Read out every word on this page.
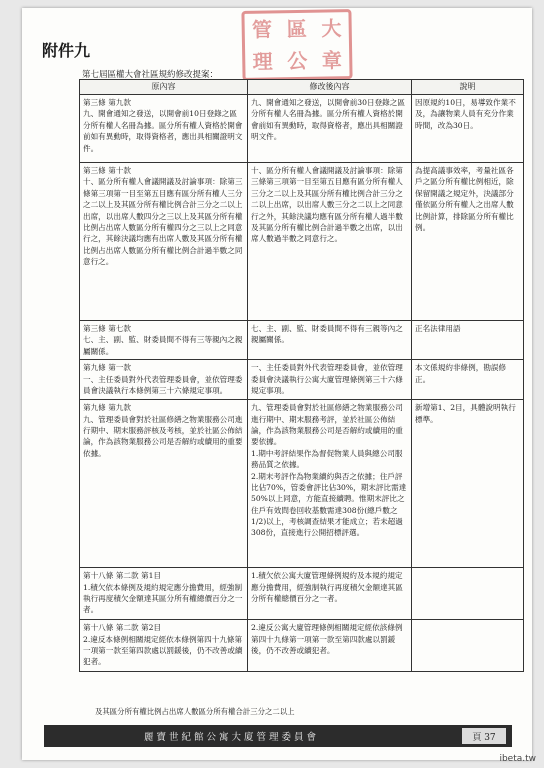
管 區 大
理 公 章
附件九
第七屆區權大會社區規約修改提案：
原內容	修改後內容	說明
第三條 第九款
九、開會通知之發送，以開會前10日登錄之區分所有權人名冊為據。區分所有權人資格於開會前如有異動時，取得資格者，應出具相關證明文件。	九、開會通知之發送，以開會前30日登錄之區分所有權人名冊為據。區分所有權人資格於開會前如有異動時，取得資格者，應出具相關證明文件。	因原規約10日，易導致作業不及，為讓物業人員有充分作業時間，改為30日。
第三條 第十款
十、區分所有權人會議開議及討論事項：除第三條第三項第一目至第五目應有區分所有權人三分之二以上及其區分所有權比例合計三分之二以上出席，以出席人數四分之三以上及其區分所有權比例占出席人數區分所有權四分之三以上之同意行之，其餘決議均應有出席人數及其區分所有權比例占出席人數區分所有權比例合計過半數之同意行之。	十、區分所有權人會議開議及討論事項：除第三條第三項第一目至第五目應有區分所有權人三分之二以上及其區分所有權比例合計三分之二以上出席，以出席人數三分之二以上之同意行之外，其餘決議均應有區分所有權人過半數及其區分所有權比例合計過半數之出席，以出席人數過半數之同意行之。	為提高議事效率，考量社區各戶之區分所有權比例相近，除保留開議之規定外，決議部分僅依區分所有權人之出席人數比例計算，排除區分所有權比例。
第三條 第七款
七、主、副、監、財委員間不得有三等親內之親屬關係。	七、主、副、監、財委員間不得有三親等內之親屬關係。	正名法律用語
第九條 第一款
一、主任委員對外代表管理委員會，並依管理委員會決議執行本條例第三十六條規定事項。	一、主任委員對外代表管理委員會，並依管理委員會決議執行公寓大廈管理條例第三十六條規定事項。	本文係規約非條例，勘誤修正。
第九條 第九款
九、管理委員會對於社區修繕之物業服務公司進行期中、期末服務評核及考核，並於社區公佈結論，作為該物業服務公司是否解約或續用的重要依據。	九、管理委員會對於社區修繕之物業服務公司進行期中、期末服務考評，並於社區公佈結論，作為該物業服務公司是否解約或續用的重要依據。
1.期中考評結果作為督促物業人員與總公司服務品質之依據。
2.期末考評作為物業續約與否之依據；住戶評比佔70%，管委會評比佔30%，期末評比需達50%以上同意，方能直接續聘。惟期末評比之住戶有效問卷回收基數需達308份(總戶數之1/2)以上，考核調查結果才能成立；若未超過308份，直接進行公開招標評選。	新增第1、2目，具體說明執行標準。
第十八條 第二款 第1目
1.積欠依本條例及規約規定應分擔費用，經強制執行再度積欠金額達其區分所有權總價百分之一者。	1.積欠依公寓大廈管理條例規約及本規約規定應分擔費用，經強制執行再度積欠金額達其區分所有權總價百分之一者。	
第十八條 第二款 第2目
2.違反本條例相關規定經依本條例第四十九條第一項第一款至第四款處以罰鍰後，仍不改善或續犯者。	2.違反公寓大廈管理條例相關規定經依該條例第四十九條第一項第一款至第四款處以罰鍰後，仍不改善或續犯者。	
及其區分所有權比例占出席人數區分所有權合計三分之二以上
麗寶世紀館公寓大廈管理委員會	頁 37
ibeta.tw
